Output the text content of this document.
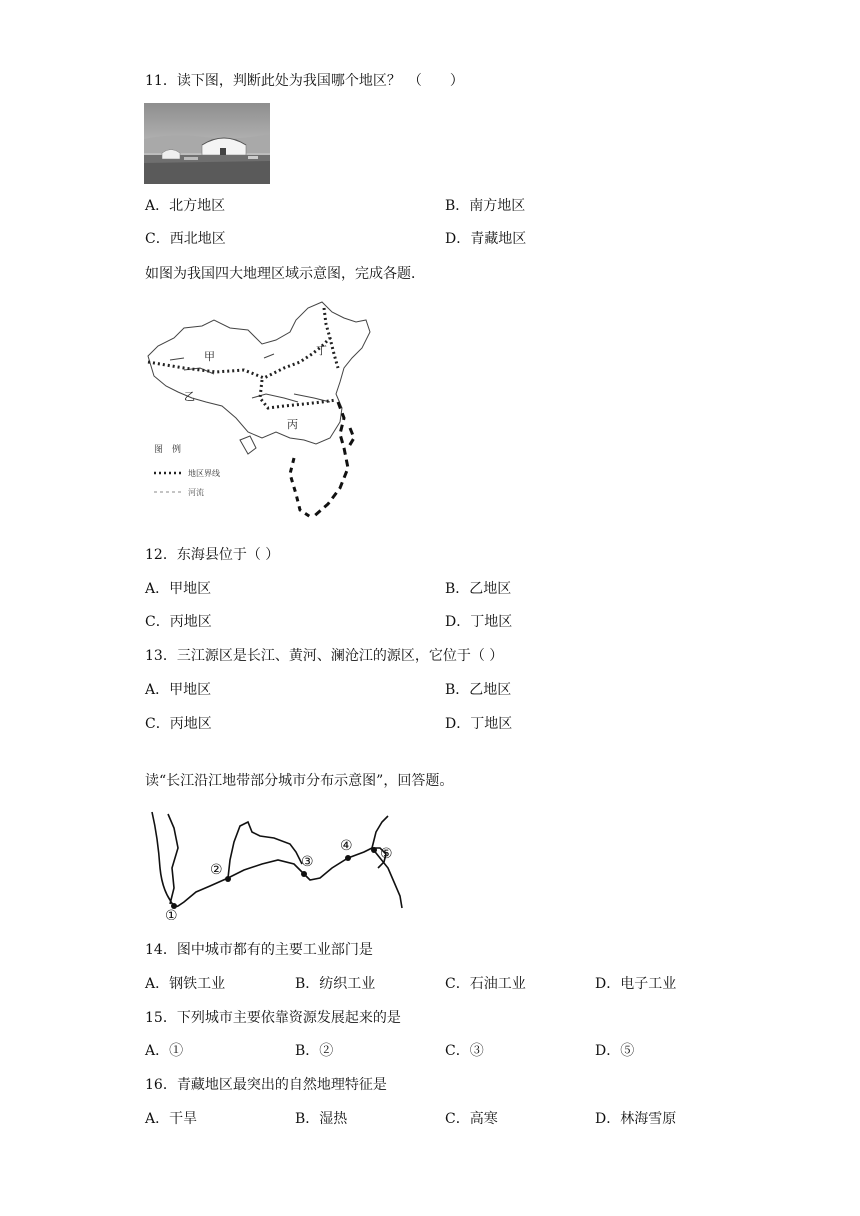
11．读下图，判断此处为我国哪个地区？　（　　）
A．北方地区	B．南方地区
C．西北地区	D．青藏地区
如图为我国四大地理区域示意图，完成各题．
甲
乙
丙
丁
图　例
地区界线
河流
12．东海县位于（ ）
A．甲地区	B．乙地区
C．丙地区	D．丁地区
13．三江源区是长江、黄河、澜沧江的源区，它位于（ ）
A．甲地区	B．乙地区
C．丙地区	D．丁地区
读“长江沿江地带部分城市分布示意图”，回答题。
①
②	③
④ ⑤
14．图中城市都有的主要工业部门是
A．钢铁工业	B．纺织工业	C．石油工业	D．电子工业
15．下列城市主要依靠资源发展起来的是
A．①	B．②	C．③	D．⑤
16．青藏地区最突出的自然地理特征是
A．干旱	B．湿热	C．高寒	D．林海雪原
